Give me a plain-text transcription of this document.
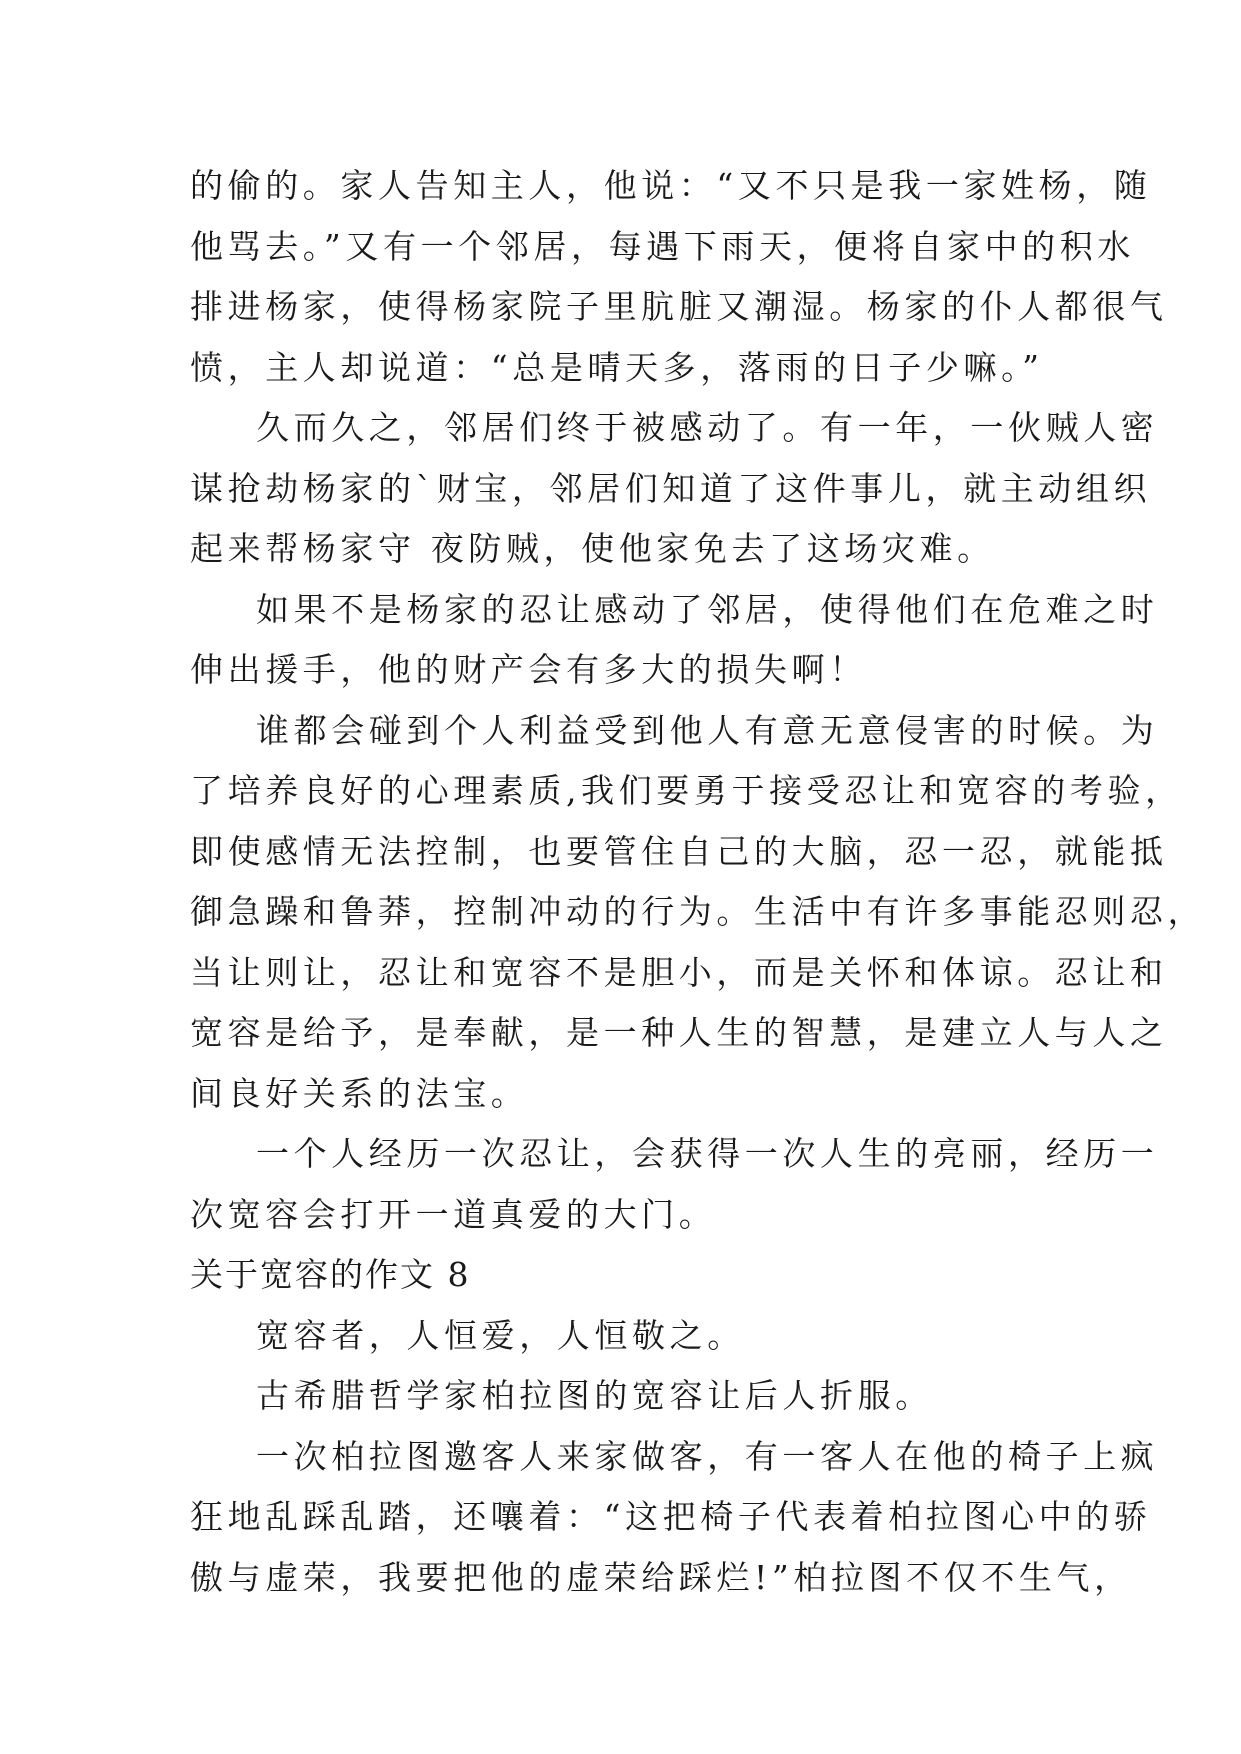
的偷的。家人告知主人，他说：“又不只是我一家姓杨，随
他骂去。”又有一个邻居，每遇下雨天，便将自家中的积水
排进杨家，使得杨家院子里肮脏又潮湿。杨家的仆人都很气
愤，主人却说道：“总是晴天多，落雨的日子少嘛。”
久而久之，邻居们终于被感动了。有一年，一伙贼人密
谋抢劫杨家的`财宝，邻居们知道了这件事儿，就主动组织
起来帮杨家守 夜防贼，使他家免去了这场灾难。
如果不是杨家的忍让感动了邻居，使得他们在危难之时
伸出援手，他的财产会有多大的损失啊！
谁都会碰到个人利益受到他人有意无意侵害的时候。为
了培养良好的心理素质,我们要勇于接受忍让和宽容的考验，
即使感情无法控制，也要管住自己的大脑，忍一忍，就能抵
御急躁和鲁莽，控制冲动的行为。生活中有许多事能忍则忍，
当让则让，忍让和宽容不是胆小，而是关怀和体谅。忍让和
宽容是给予，是奉献，是一种人生的智慧，是建立人与人之
间良好关系的法宝。
一个人经历一次忍让，会获得一次人生的亮丽，经历一
次宽容会打开一道真爱的大门。
关于宽容的作文 8
宽容者，人恒爱，人恒敬之。
古希腊哲学家柏拉图的宽容让后人折服。
一次柏拉图邀客人来家做客，有一客人在他的椅子上疯
狂地乱踩乱踏，还嚷着：“这把椅子代表着柏拉图心中的骄
傲与虚荣，我要把他的虚荣给踩烂!”柏拉图不仅不生气，
